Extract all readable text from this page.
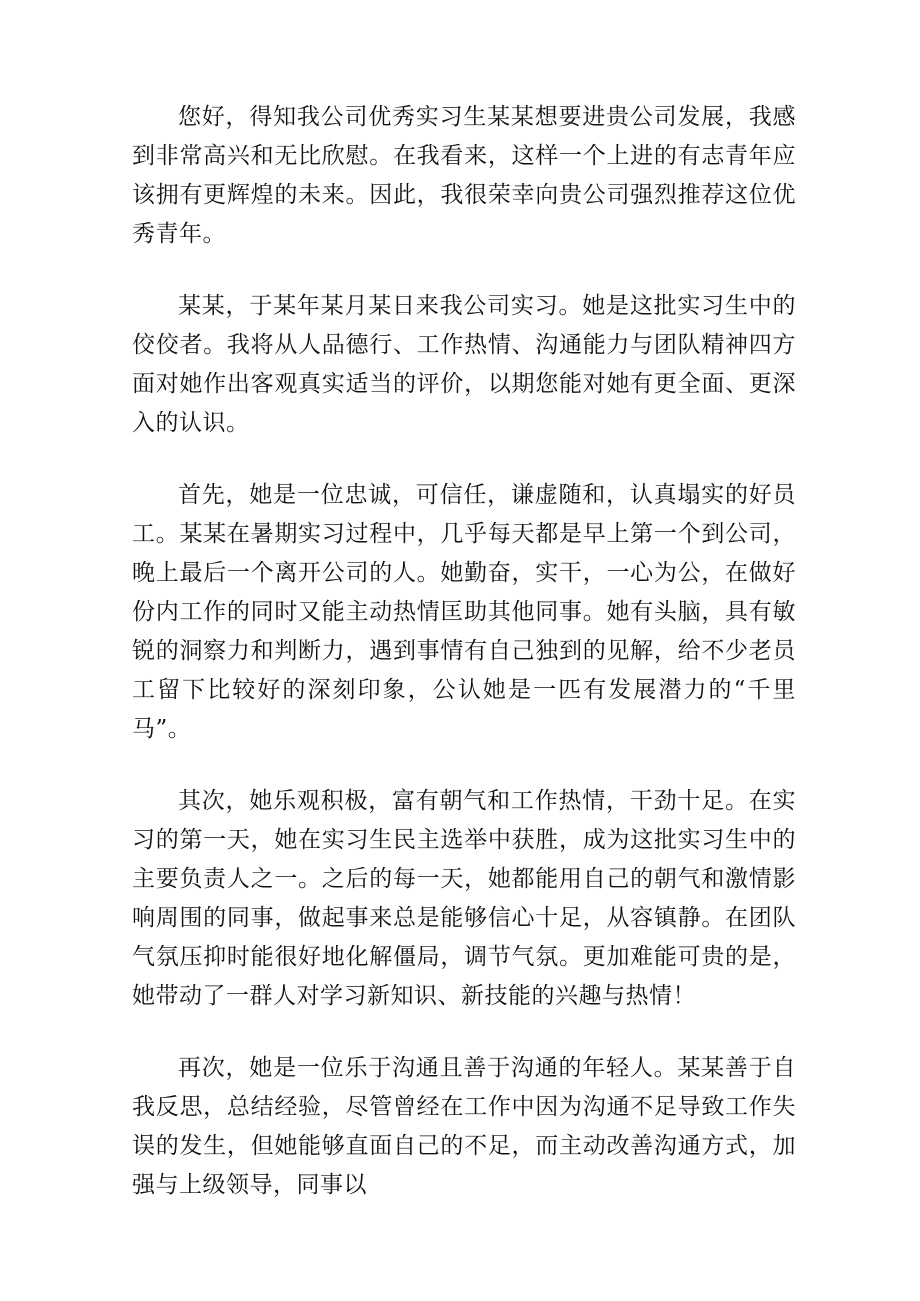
您好，得知我公司优秀实习生某某想要进贵公司发展，我感到非常高兴和无比欣慰。在我看来，这样一个上进的有志青年应该拥有更辉煌的未来。因此，我很荣幸向贵公司强烈推荐这位优秀青年。

某某，于某年某月某日来我公司实习。她是这批实习生中的佼佼者。我将从人品德行、工作热情、沟通能力与团队精神四方面对她作出客观真实适当的评价，以期您能对她有更全面、更深入的认识。

首先，她是一位忠诚，可信任，谦虚随和，认真塌实的好员工。某某在暑期实习过程中，几乎每天都是早上第一个到公司，晚上最后一个离开公司的人。她勤奋，实干，一心为公，在做好份内工作的同时又能主动热情匡助其他同事。她有头脑，具有敏锐的洞察力和判断力，遇到事情有自己独到的见解，给不少老员工留下比较好的深刻印象，公认她是一匹有发展潜力的“千里马”。

其次，她乐观积极，富有朝气和工作热情，干劲十足。在实习的第一天，她在实习生民主选举中获胜，成为这批实习生中的主要负责人之一。之后的每一天，她都能用自己的朝气和激情影响周围的同事，做起事来总是能够信心十足，从容镇静。在团队气氛压抑时能很好地化解僵局，调节气氛。更加难能可贵的是，她带动了一群人对学习新知识、新技能的兴趣与热情！

再次，她是一位乐于沟通且善于沟通的年轻人。某某善于自我反思，总结经验，尽管曾经在工作中因为沟通不足导致工作失误的发生，但她能够直面自己的不足，而主动改善沟通方式，加强与上级领导，同事以
